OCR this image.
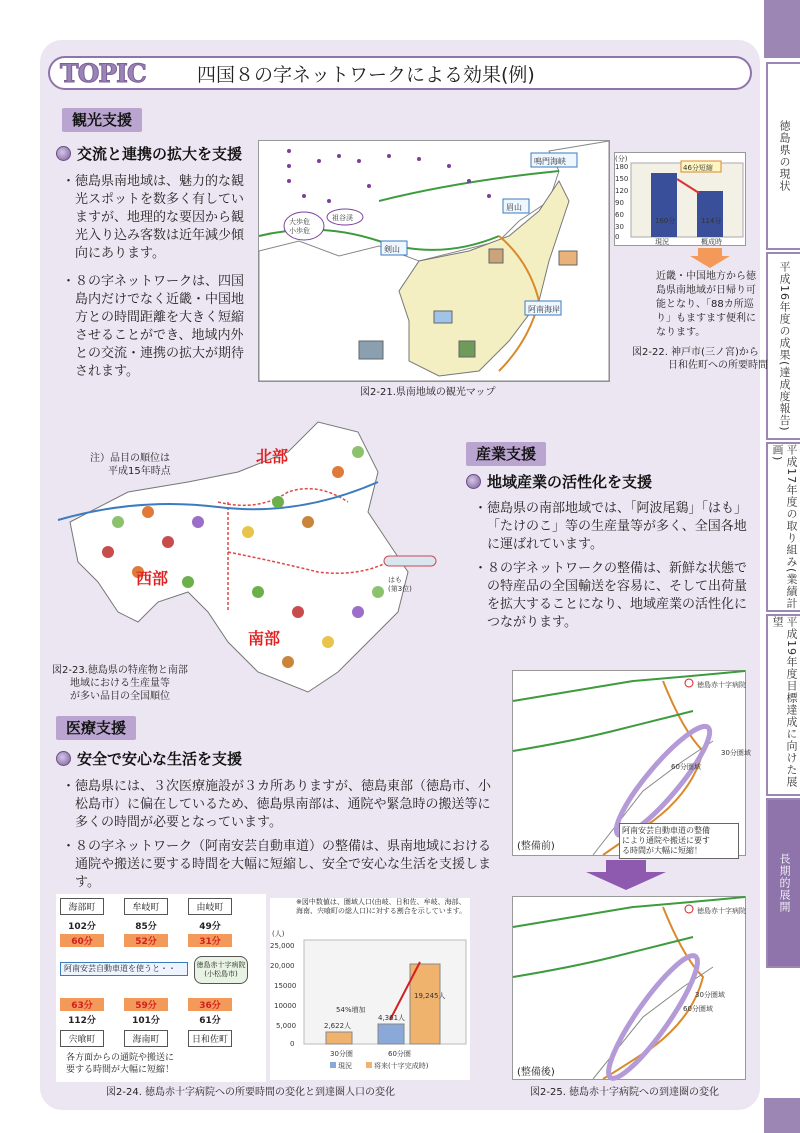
徳島県の現状
平成16年度の成果(達成度報告)
平成17年度の取り組み(業績計画)
平成19年度目標達成に向けた展望
長期的展開
TOPIC	四国８の字ネットワークによる効果(例)
観光支援
交流と連携の拡大を支援

・徳島県南地域は、魅力的な観光スポットを数多く有していますが、地理的な要因から観光入り込み客数は近年減少傾向にあります。

・８の字ネットワークは、四国島内だけでなく近畿・中国地方との時間距離を大きく短縮させることができ、地域内外との交流・連携の拡大が期待されます。

鳴門海峡
眉山
剣山
大歩危
小歩危
祖谷渓
阿南海岸
図2-21.県南地域の観光マップ
(分)
180
150
120
90
60
30
0
160分	114分
46分短縮
現況	概成時
近畿・中国地方から徳島県南地域が日帰り可能となり、「88カ所巡り」もますます便利になります。
図2-22. 神戸市(三ノ宮)から
日和佐町への所要時間
はも
(第3位)
注）品目の順位は
平成15年時点
北部
西部
南部
図2-23.徳島県の特産物と南部
地域における生産量等
が多い品目の全国順位
産業支援
地域産業の活性化を支援

・徳島県の南部地域では、「阿波尾鶏」「はも」「たけのこ」等の生産量等が多く、全国各地に運ばれています。

・８の字ネットワークの整備は、新鮮な状態での特産品の全国輸送を容易に、そして出荷量を拡大することになり、地域産業の活性化につながります。

医療支援
安全で安心な生活を支援

・徳島県には、３次医療施設が３カ所ありますが、徳島東部（徳島市、小松島市）に偏在しているため、徳島県南部は、通院や緊急時の搬送等に多くの時間が必要となっています。

・８の字ネットワーク（阿南安芸自動車道）の整備は、県南地域における通院や搬送に要する時間を大幅に短縮し、安全で安心な生活を支援します。

海部町
102分
60分
牟岐町
85分
52分
由岐町
49分
31分
阿南安芸自動車道を使うと・・	徳島赤十字病院
(小松島市)
63分
112分
宍喰町
59分
101分
海南町
36分
61分
日和佐町
各方面からの通院や搬送に
要する時間が大幅に短縮！
※図中数値は、圏域人口(由岐、日和佐、牟岐、海部、海南、宍喰町の総人口)に対する割合を示しています。
(人)
25,000
20,000
15000
10000
5,000
0
54%増加
2,622人
4,361人
19,245人
30分圏	60分圏
現況	将来(十字完成時)
図2-24. 徳島赤十字病院への所要時間の変化と到達圏人口の変化
徳島赤十字病院
30分圏域
60分圏域
阿南安芸自動車道の整備
により通院や搬送に要す
る時間が大幅に短縮！
(整備前)
徳島赤十字病院
30分圏域
60分圏域
(整備後)
図2-25. 徳島赤十字病院への到達圏の変化
